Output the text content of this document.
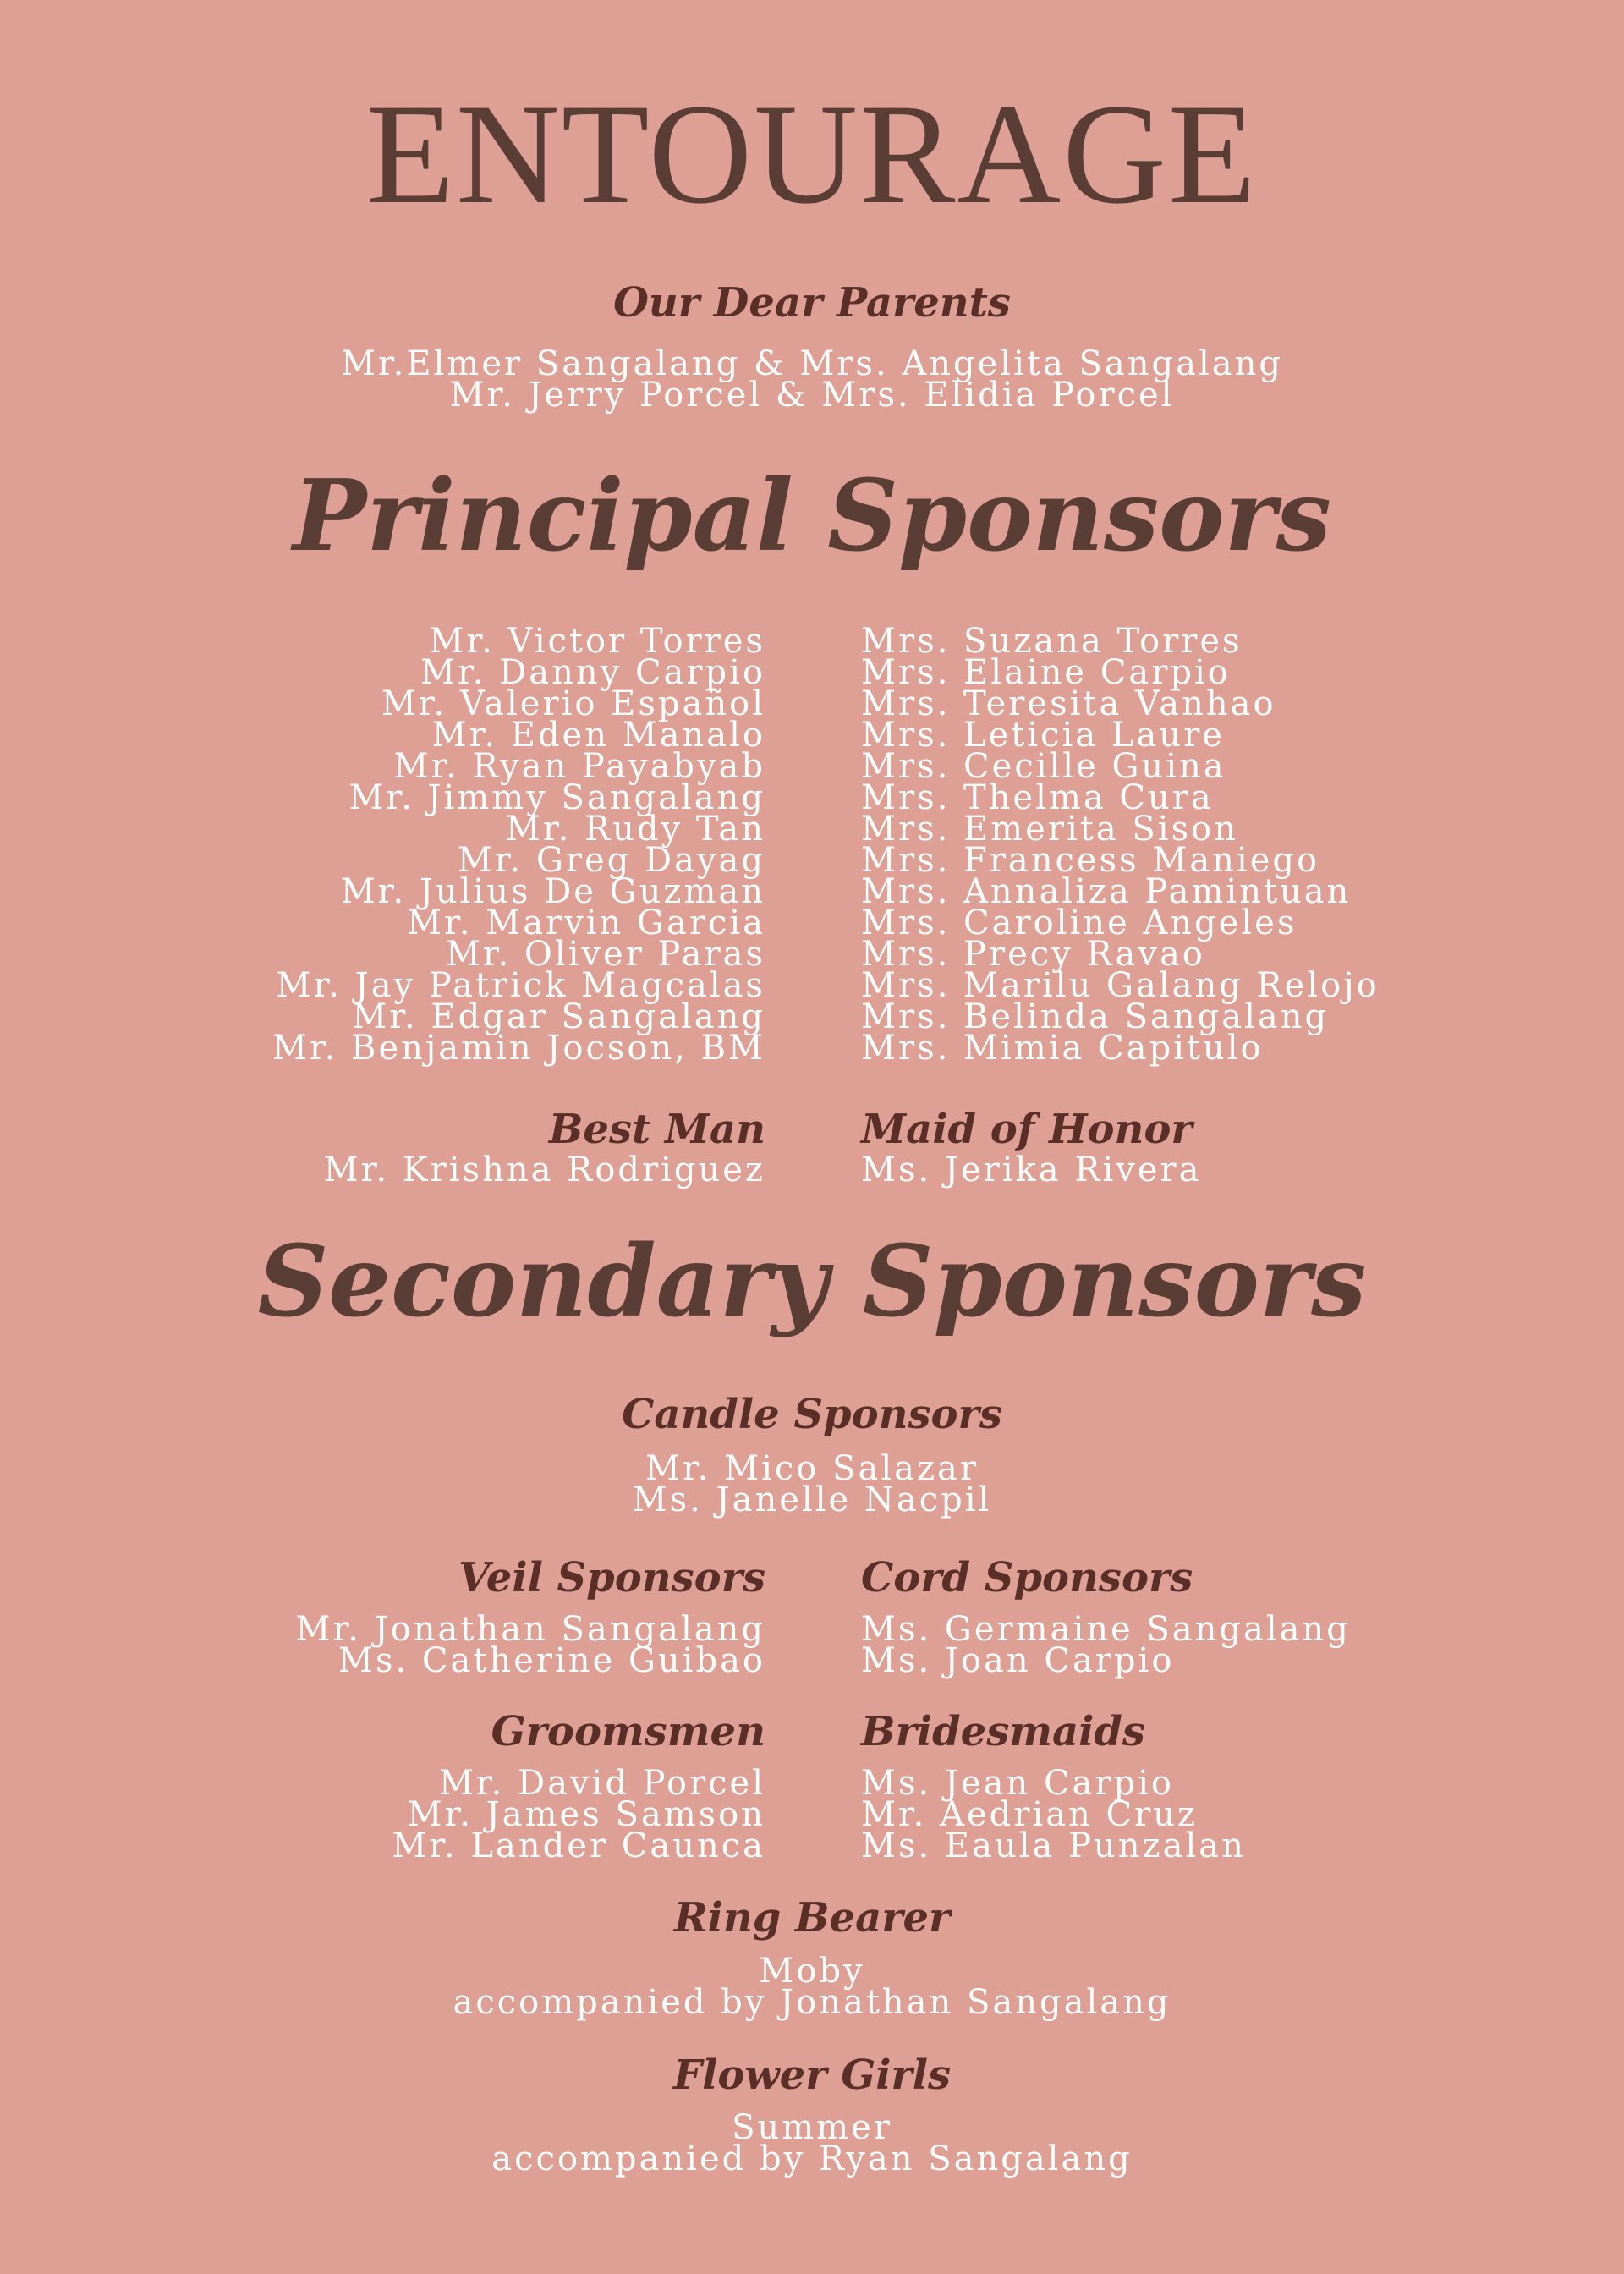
ENTOURAGE
Our Dear Parents
Mr.Elmer Sangalang & Mrs. Angelita Sangalang
Mr. Jerry Porcel & Mrs. Elidia Porcel
Principal Sponsors
Mr. Victor Torres
Mr. Danny Carpio
Mr. Valerio Español
Mr. Eden Manalo
Mr. Ryan Payabyab
Mr. Jimmy Sangalang
Mr. Rudy Tan
Mr. Greg Dayag
Mr. Julius De Guzman
Mr. Marvin Garcia
Mr. Oliver Paras
Mr. Jay Patrick Magcalas
Mr. Edgar Sangalang
Mr. Benjamin Jocson, BM
Mrs. Suzana Torres
Mrs. Elaine Carpio
Mrs. Teresita Vanhao
Mrs. Leticia Laure
Mrs. Cecille Guina
Mrs. Thelma Cura
Mrs. Emerita Sison
Mrs. Francess Maniego
Mrs. Annaliza Pamintuan
Mrs. Caroline Angeles
Mrs. Precy Ravao
Mrs. Marilu Galang Relojo
Mrs. Belinda Sangalang
Mrs. Mimia Capitulo
Best Man
Mr. Krishna Rodriguez
Maid of Honor
Ms. Jerika Rivera
Secondary Sponsors
Candle Sponsors
Mr. Mico Salazar
Ms. Janelle Nacpil
Veil Sponsors
Mr. Jonathan Sangalang
Ms. Catherine Guibao
Cord Sponsors
Ms. Germaine Sangalang
Ms. Joan Carpio
Groomsmen
Mr. David Porcel
Mr. James Samson
Mr. Lander Caunca
Bridesmaids
Ms. Jean Carpio
Mr. Aedrian Cruz
Ms. Eaula Punzalan
Ring Bearer
Moby
accompanied by Jonathan Sangalang
Flower Girls
Summer
accompanied by Ryan Sangalang
